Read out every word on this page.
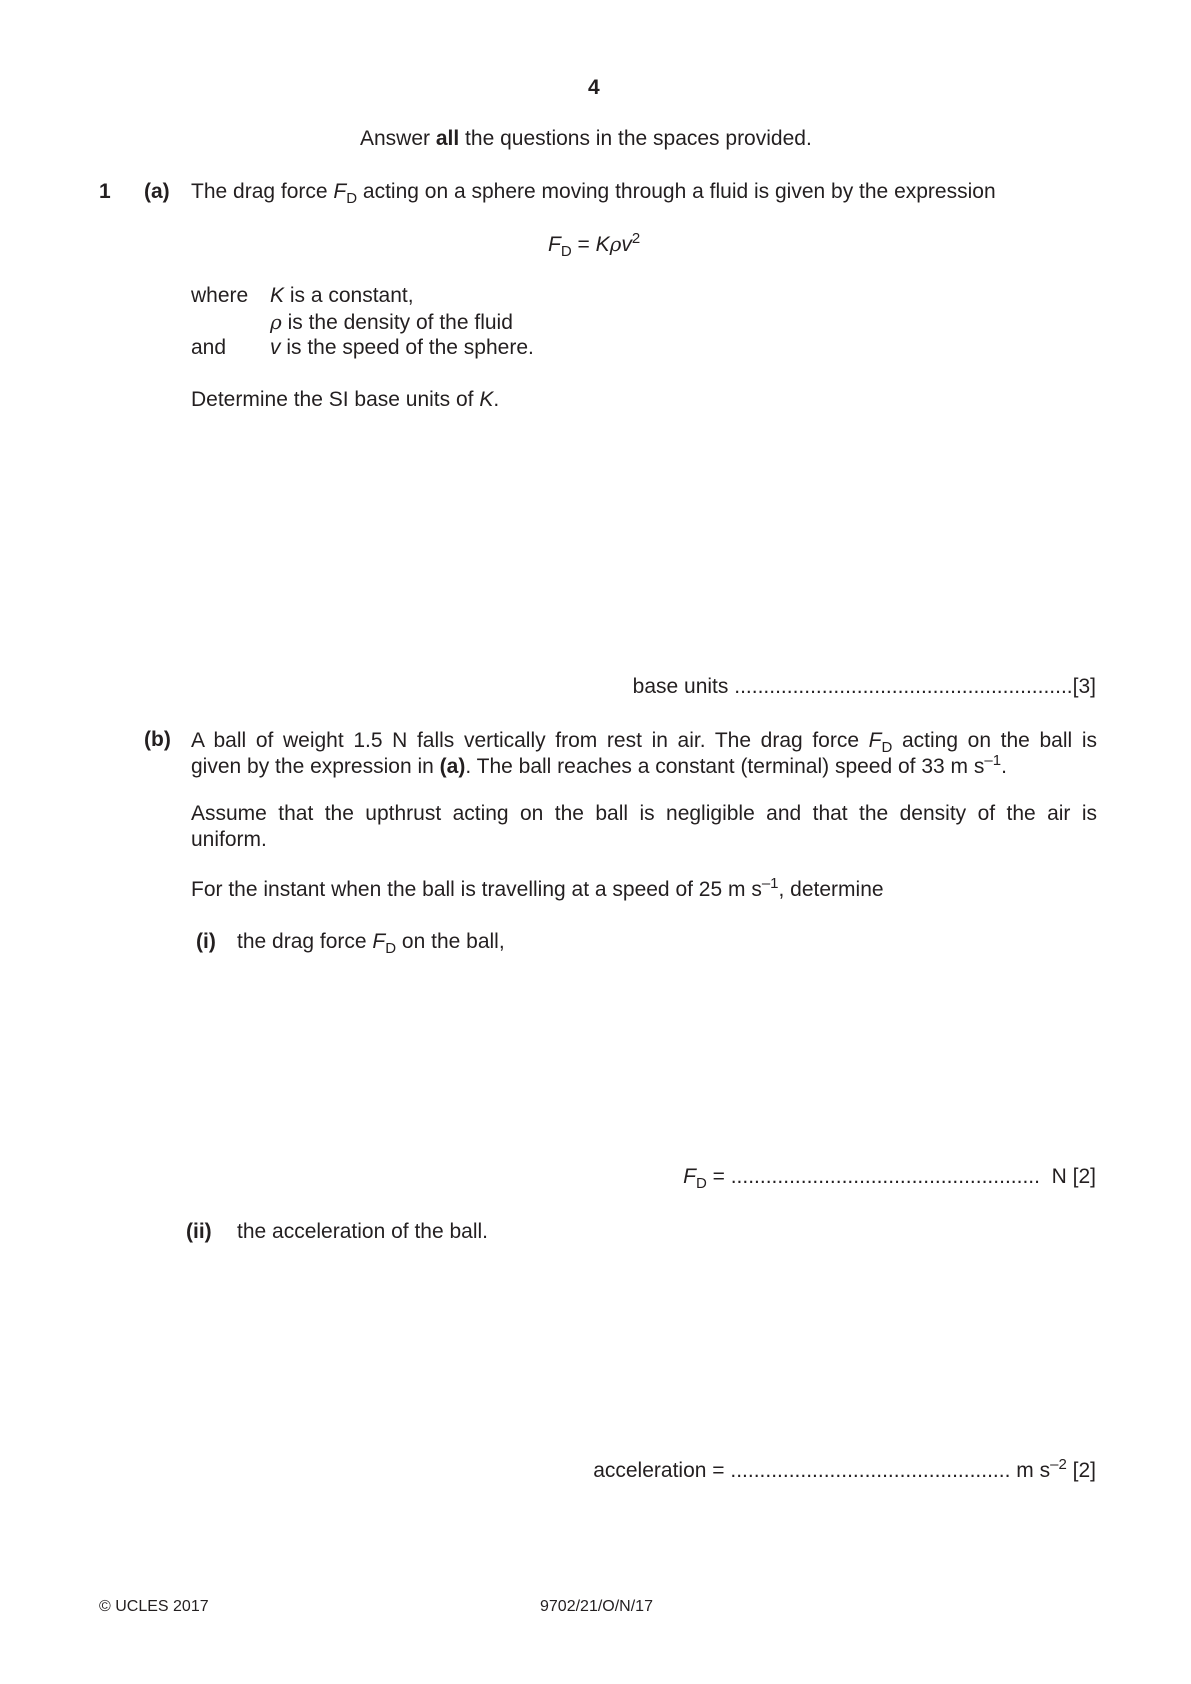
4
Answer all the questions in the spaces provided.
1 (a) The drag force $F_D$ acting on a sphere moving through a fluid is given by the expression
$F_D = K\rho v^2$
where K is a constant,
ρ is the density of the fluid
and v is the speed of the sphere.
Determine the SI base units of K.
base units ..........................................................[3]
(b) A ball of weight 1.5 N falls vertically from rest in air. The drag force $F_D$ acting on the ball is
given by the expression in (a). The ball reaches a constant (terminal) speed of 33 m $s^{-1}$.
Assume that the upthrust acting on the ball is negligible and that the density of the air is
uniform.
For the instant when the ball is travelling at a speed of 25 m $s^{-1}$, determine
(i) the drag force $F_D$ on the ball,
$F_D$ = ..................................................... N [2]
(ii) the acceleration of the ball.
acceleration = ................................................ m $s^{-2}$ [2]
© UCLES 2017	9702/21/O/N/17
